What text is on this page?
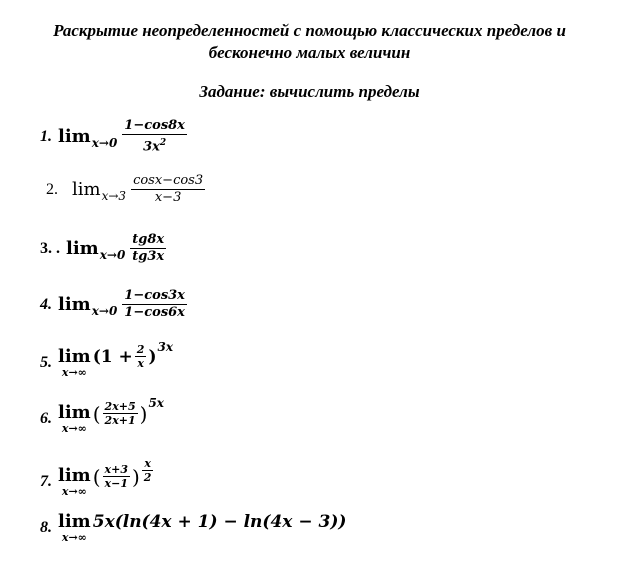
Раскрытие неопределенностей с помощью классических пределов и
бесконечно малых величин
Задание: вычислить пределы
1. $\lim x\to 0 \frac{1-\cos 8x}{3x^2}$
2. $\lim x\to 3 \frac{\cos x-\cos 3}{x-3}$
3. . $\lim x\to 0 \frac{tg8x}{tg3x}$
4. $\lim x\to 0 \frac{1-\cos 3x}{1-\cos 6x}$
5. lim
x→∞
($1 + \frac{2}{x}$ ) 3x
6. lim
x→∞
( $\frac{2x+5}{2x+1}$ ) 5x
7. lim
x→∞
( $\frac{x+3}{x-1}$ ) $\frac{x}{2}$
8. lim
x→∞
5x(ln(4x + 1) − ln(4x − 3))
